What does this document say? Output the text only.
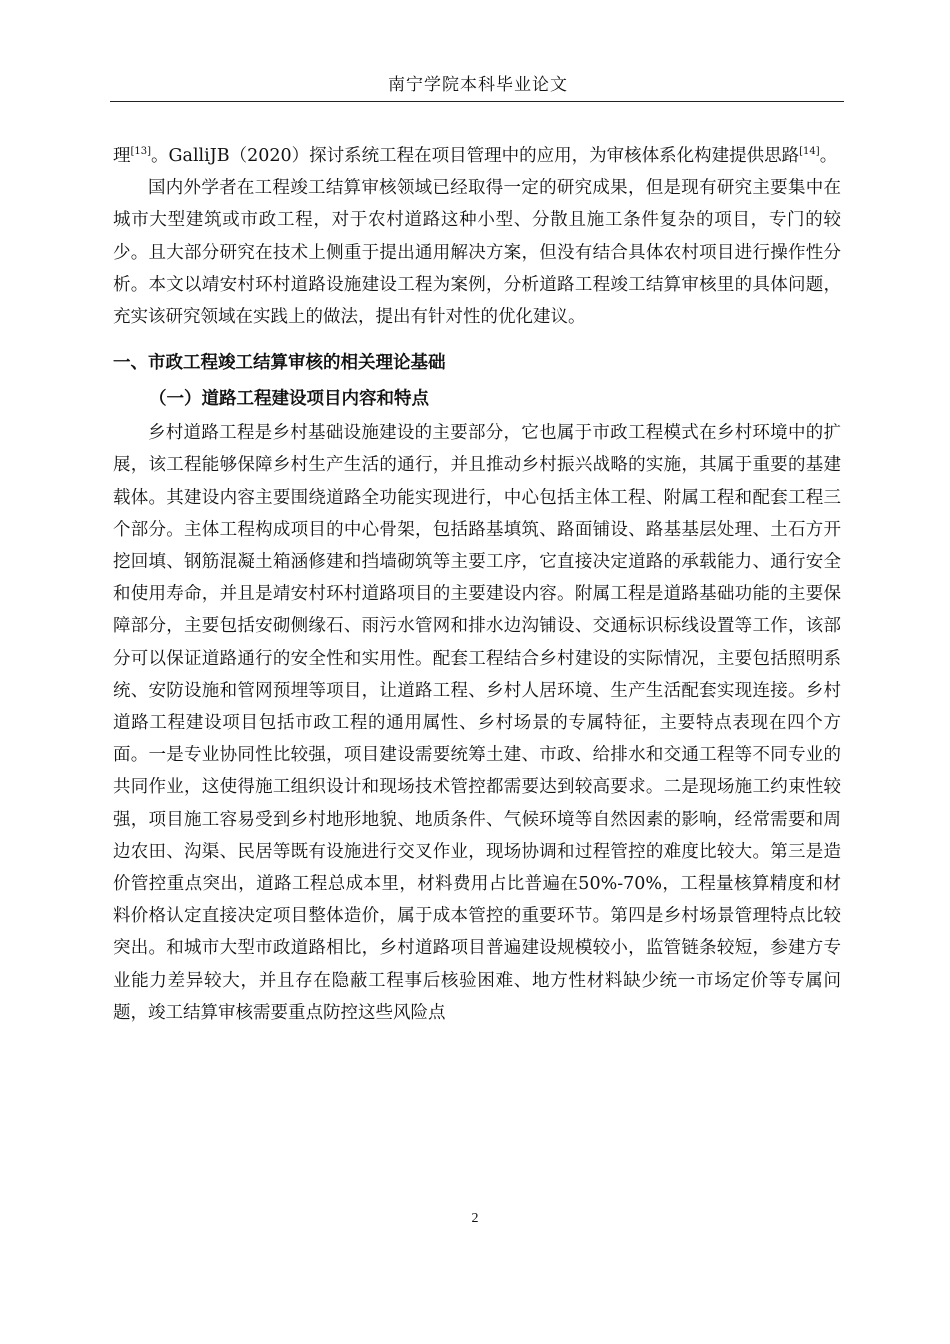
南宁学院本科毕业论文

理[13]。GalliJB（2020）探讨系统工程在项目管理中的应用，为审核体系化构建提供思路[14]。

国内外学者在工程竣工结算审核领域已经取得一定的研究成果，但是现有研究主要集中在城市大型建筑或市政工程，对于农村道路这种小型、分散且施工条件复杂的项目，专门的较少。且大部分研究在技术上侧重于提出通用解决方案，但没有结合具体农村项目进行操作性分析。本文以靖安村环村道路设施建设工程为案例，分析道路工程竣工结算审核里的具体问题，充实该研究领域在实践上的做法，提出有针对性的优化建议。

一、市政工程竣工结算审核的相关理论基础
（一）道路工程建设项目内容和特点

乡村道路工程是乡村基础设施建设的主要部分，它也属于市政工程模式在乡村环境中的扩展，该工程能够保障乡村生产生活的通行，并且推动乡村振兴战略的实施，其属于重要的基建载体。其建设内容主要围绕道路全功能实现进行，中心包括主体工程、附属工程和配套工程三个部分。主体工程构成项目的中心骨架，包括路基填筑、路面铺设、路基基层处理、土石方开挖回填、钢筋混凝土箱涵修建和挡墙砌筑等主要工序，它直接决定道路的承载能力、通行安全和使用寿命，并且是靖安村环村道路项目的主要建设内容。附属工程是道路基础功能的主要保障部分，主要包括安砌侧缘石、雨污水管网和排水边沟铺设、交通标识标线设置等工作，该部分可以保证道路通行的安全性和实用性。配套工程结合乡村建设的实际情况，主要包括照明系统、安防设施和管网预埋等项目，让道路工程、乡村人居环境、生产生活配套实现连接。乡村道路工程建设项目包括市政工程的通用属性、乡村场景的专属特征，主要特点表现在四个方面。一是专业协同性比较强，项目建设需要统筹土建、市政、给排水和交通工程等不同专业的共同作业，这使得施工组织设计和现场技术管控都需要达到较高要求。二是现场施工约束性较强，项目施工容易受到乡村地形地貌、地质条件、气候环境等自然因素的影响，经常需要和周边农田、沟渠、民居等既有设施进行交叉作业，现场协调和过程管控的难度比较大。第三是造价管控重点突出，道路工程总成本里，材料费用占比普遍在50%-70%，工程量核算精度和材料价格认定直接决定项目整体造价，属于成本管控的重要环节。第四是乡村场景管理特点比较突出。和城市大型市政道路相比，乡村道路项目普遍建设规模较小，监管链条较短，参建方专业能力差异较大，并且存在隐蔽工程事后核验困难、地方性材料缺少统一市场定价等专属问题，竣工结算审核需要重点防控这些风险点

2
